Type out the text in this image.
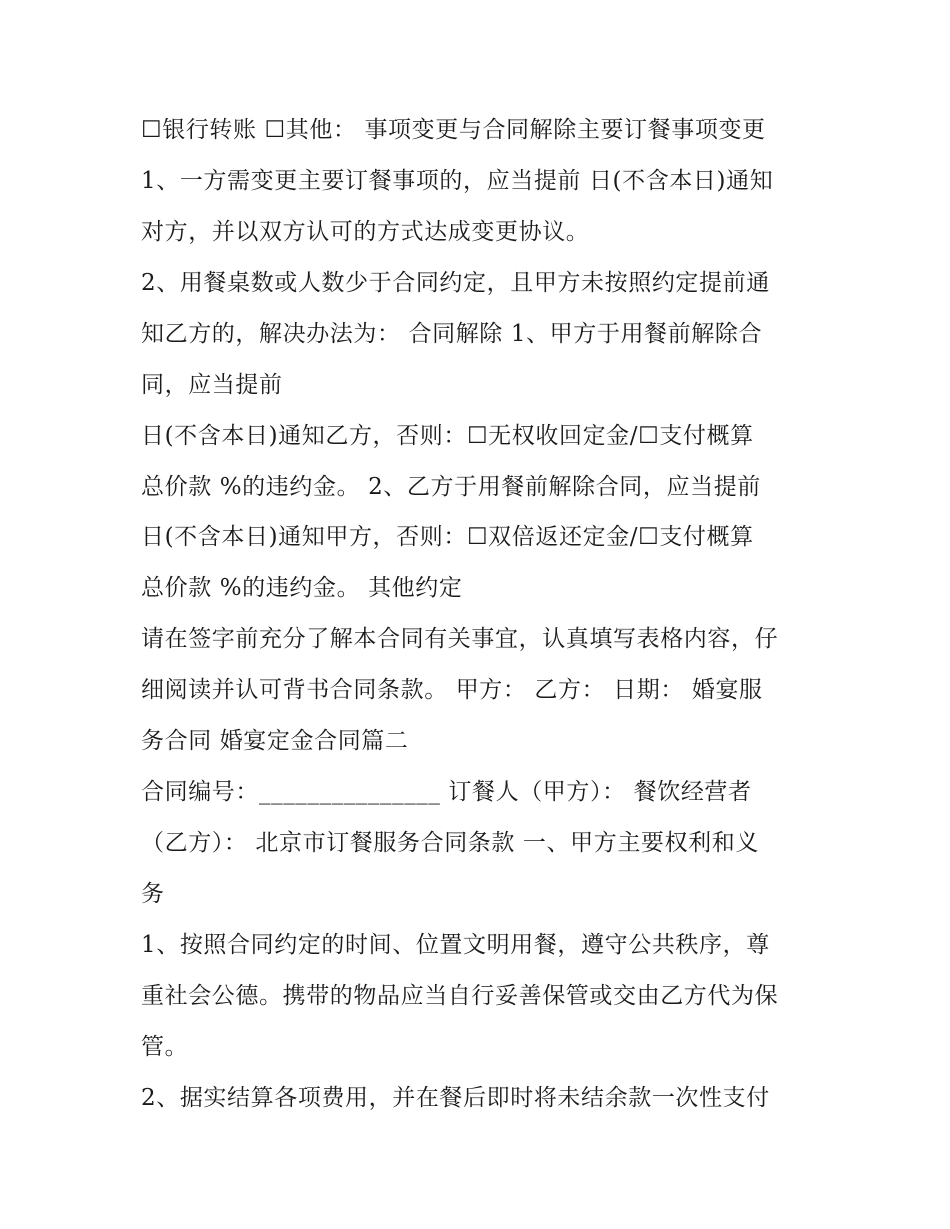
☐银行转账 ☐其他： 事项变更与合同解除主要订餐事项变更
1、一方需变更主要订餐事项的，应当提前 日(不含本日)通知
对方，并以双方认可的方式达成变更协议。
2、用餐桌数或人数少于合同约定，且甲方未按照约定提前通
知乙方的，解决办法为： 合同解除 1、甲方于用餐前解除合
同，应当提前
日(不含本日)通知乙方，否则：☐无权收回定金/☐支付概算
总价款 %的违约金。 2、乙方于用餐前解除合同，应当提前
日(不含本日)通知甲方，否则：☐双倍返还定金/☐支付概算
总价款 %的违约金。 其他约定
请在签字前充分了解本合同有关事宜，认真填写表格内容，仔
细阅读并认可背书合同条款。 甲方： 乙方： 日期： 婚宴服
务合同 婚宴定金合同篇二
合同编号：_______________ 订餐人（甲方）： 餐饮经营者
（乙方）： 北京市订餐服务合同条款 一、甲方主要权利和义
务
1、按照合同约定的时间、位置文明用餐，遵守公共秩序，尊
重社会公德。携带的物品应当自行妥善保管或交由乙方代为保
管。
2、据实结算各项费用，并在餐后即时将未结余款一次性支付
